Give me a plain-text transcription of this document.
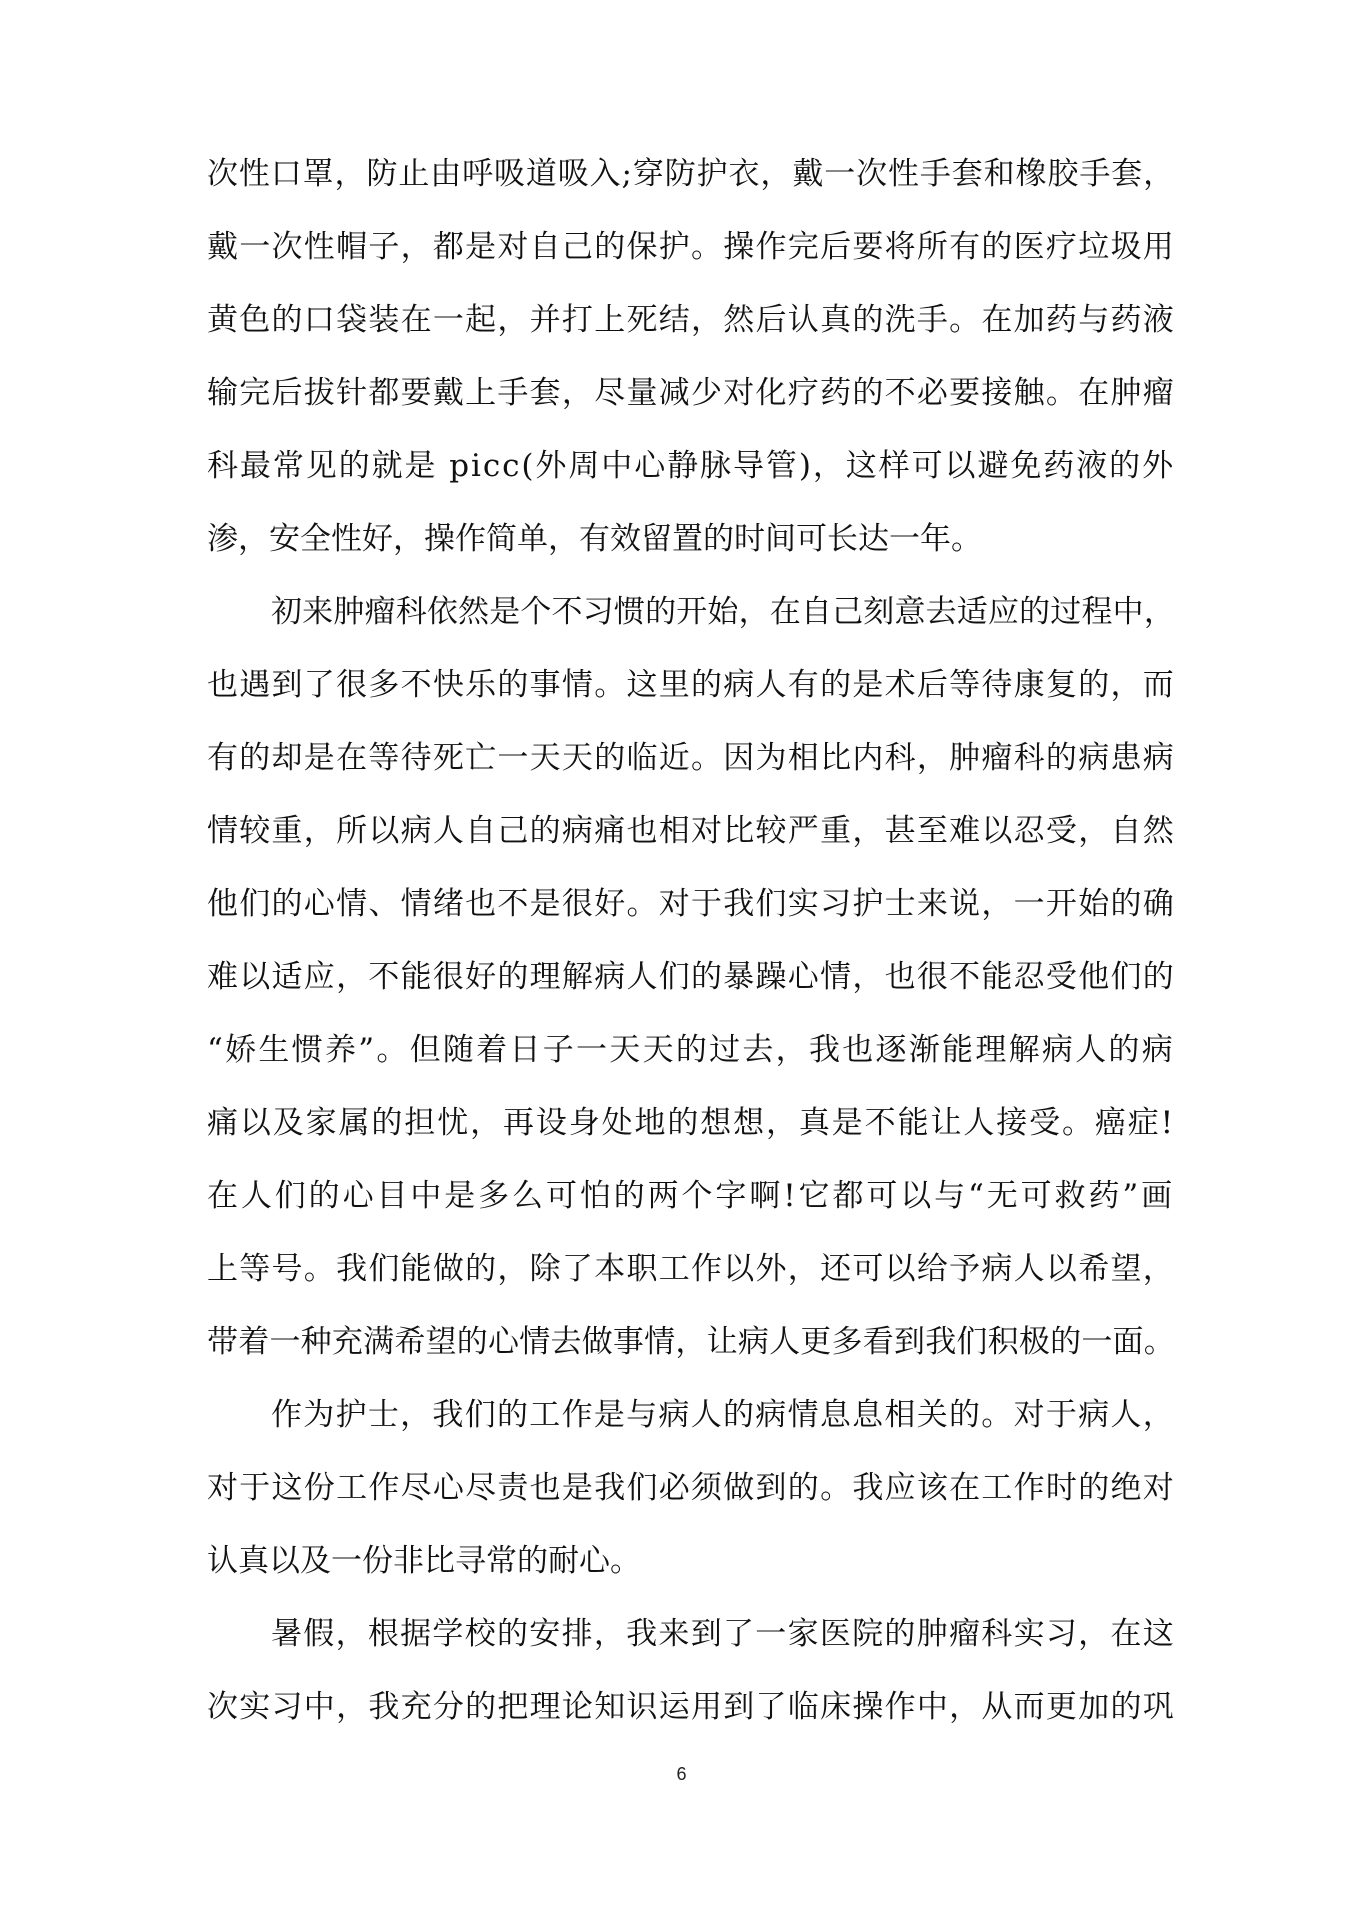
次性口罩，防止由呼吸道吸入;穿防护衣，戴一次性手套和橡胶手套，

戴一次性帽子，都是对自己的保护。操作完后要将所有的医疗垃圾用

黄色的口袋装在一起，并打上死结，然后认真的洗手。在加药与药液

输完后拔针都要戴上手套，尽量减少对化疗药的不必要接触。在肿瘤

科最常见的就是 picc(外周中心静脉导管)，这样可以避免药液的外

渗，安全性好，操作简单，有效留置的时间可长达一年。

初来肿瘤科依然是个不习惯的开始，在自己刻意去适应的过程中，

也遇到了很多不快乐的事情。这里的病人有的是术后等待康复的，而

有的却是在等待死亡一天天的临近。因为相比内科，肿瘤科的病患病

情较重，所以病人自己的病痛也相对比较严重，甚至难以忍受，自然

他们的心情、情绪也不是很好。对于我们实习护士来说，一开始的确

难以适应，不能很好的理解病人们的暴躁心情，也很不能忍受他们的

“娇生惯养”。但随着日子一天天的过去，我也逐渐能理解病人的病

痛以及家属的担忧，再设身处地的想想，真是不能让人接受。癌症!

在人们的心目中是多么可怕的两个字啊!它都可以与“无可救药”画

上等号。我们能做的，除了本职工作以外，还可以给予病人以希望，

带着一种充满希望的心情去做事情，让病人更多看到我们积极的一面。

作为护士，我们的工作是与病人的病情息息相关的。对于病人，

对于这份工作尽心尽责也是我们必须做到的。我应该在工作时的绝对

认真以及一份非比寻常的耐心。

暑假，根据学校的安排，我来到了一家医院的肿瘤科实习，在这

次实习中，我充分的把理论知识运用到了临床操作中，从而更加的巩

6
